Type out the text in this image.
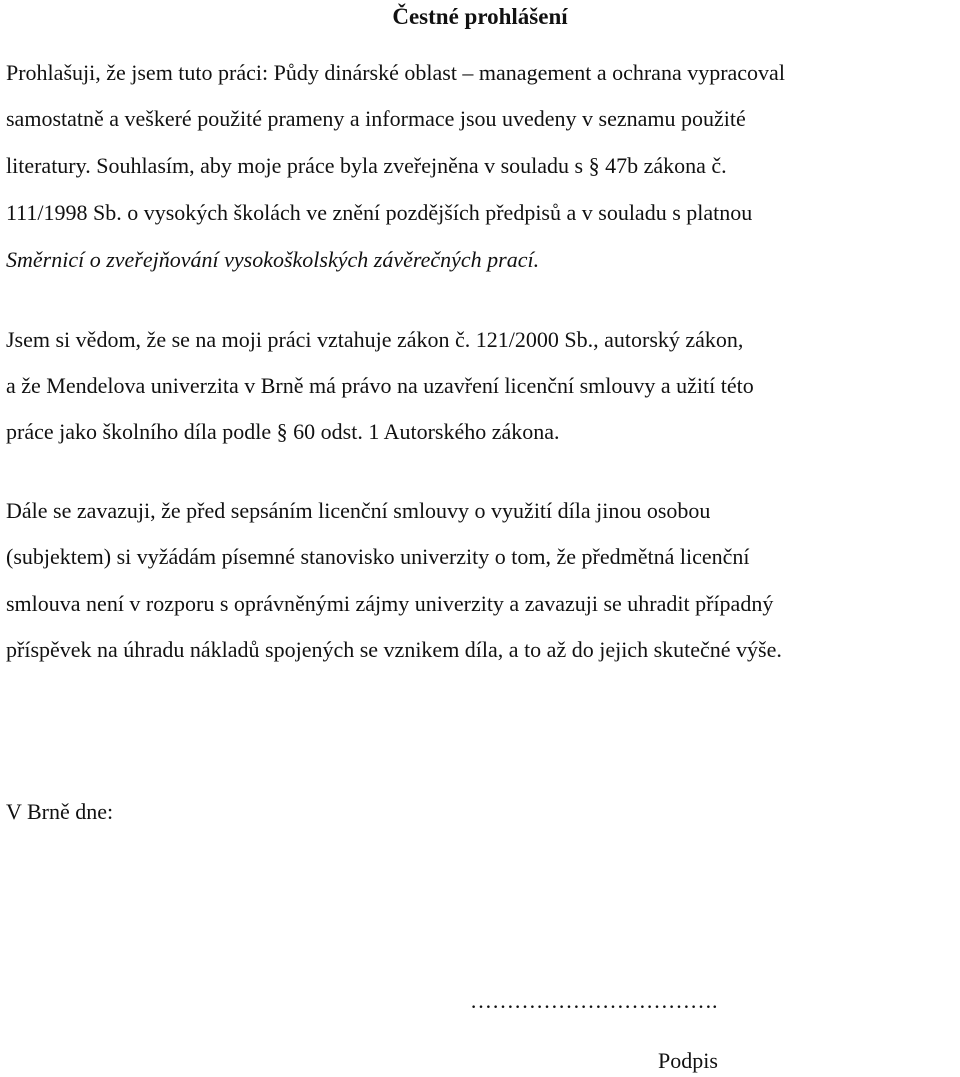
Čestné prohlášení
Prohlašuji, že jsem tuto práci: Půdy dinárské oblast – management a ochrana vypracoval
samostatně a veškeré použité prameny a informace jsou uvedeny v seznamu použité
literatury. Souhlasím, aby moje práce byla zveřejněna v souladu s § 47b zákona č.
111/1998 Sb. o vysokých školách ve znění pozdějších předpisů a v souladu s platnou
Směrnicí o zveřejňování vysokoškolských závěrečných prací.
Jsem si vědom, že se na moji práci vztahuje zákon č. 121/2000 Sb., autorský zákon,
a že Mendelova univerzita v Brně má právo na uzavření licenční smlouvy a užití této
práce jako školního díla podle § 60 odst. 1 Autorského zákona.
Dále se zavazuji, že před sepsáním licenční smlouvy o využití díla jinou osobou
(subjektem) si vyžádám písemné stanovisko univerzity o tom, že předmětná licenční
smlouva není v rozporu s oprávněnými zájmy univerzity a zavazuji se uhradit případný
příspěvek na úhradu nákladů spojených se vznikem díla, a to až do jejich skutečné výše.
V Brně dne:
…………………………….
Podpis
